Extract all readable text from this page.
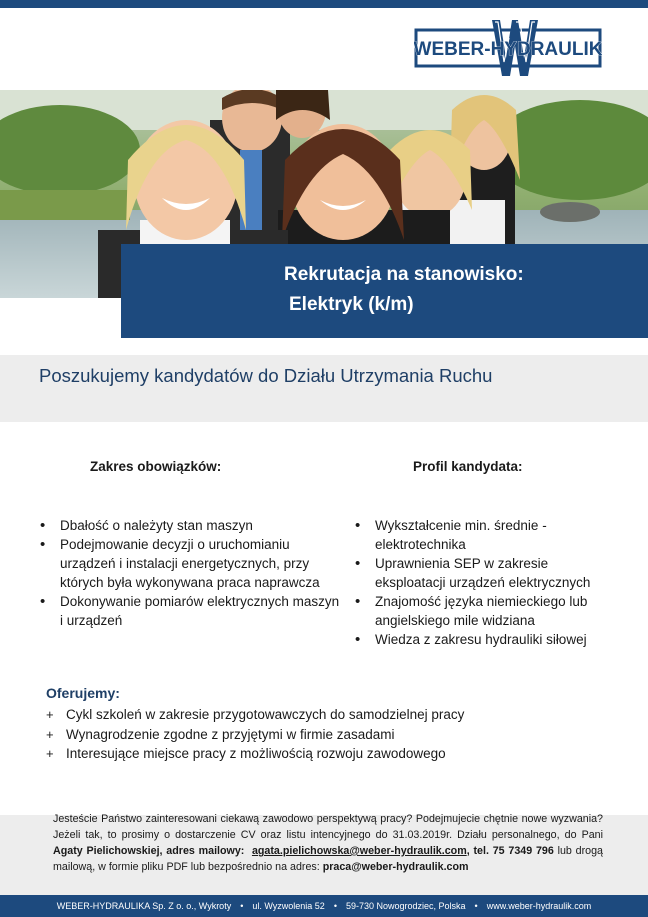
WEBER-HYDRAULIK
Rekrutacja na stanowisko:
Elektryk (k/m)
Poszukujemy kandydatów do Działu Utrzymania Ruchu
Zakres obowiązków:
• Dbałość o należyty stan maszyn
• Podejmowanie decyzji o uruchomianiu urządzeń i instalacji energetycznych, przy których była wykonywana praca naprawcza
• Dokonywanie pomiarów elektrycznych maszyn i urządzeń
Profil kandydata:
• Wykształcenie min. średnie - elektrotechnika
• Uprawnienia SEP w zakresie eksploatacji urządzeń elektrycznych
• Znajomość języka niemieckiego lub angielskiego mile widziana
• Wiedza z zakresu hydrauliki siłowej
Oferujemy:
+ Cykl szkoleń w zakresie przygotowawczych do samodzielnej pracy
+ Wynagrodzenie zgodne z przyjętymi w firmie zasadami
+ Interesujące miejsce pracy z możliwością rozwoju zawodowego
Jesteście Państwo zainteresowani ciekawą zawodowo perspektywą pracy? Podejmujecie chętnie nowe wyzwania? Jeżeli tak, to prosimy o dostarczenie CV oraz listu intencyjnego do 31.03.2019r. Działu personalnego, do Pani Agaty Pielichowskiej, adres mailowy: agata.pielichowska@weber-hydraulik.com, tel. 75 7349 796 lub drogą mailową, w formie pliku PDF lub bezpośrednio na adres: praca@weber-hydraulik.com
WEBER-HYDRAULIKA Sp. Z o. o., Wykroty • ul. Wyzwolenia 52 • 59-730 Nowogrodziec, Polska • www.weber-hydraulik.com
